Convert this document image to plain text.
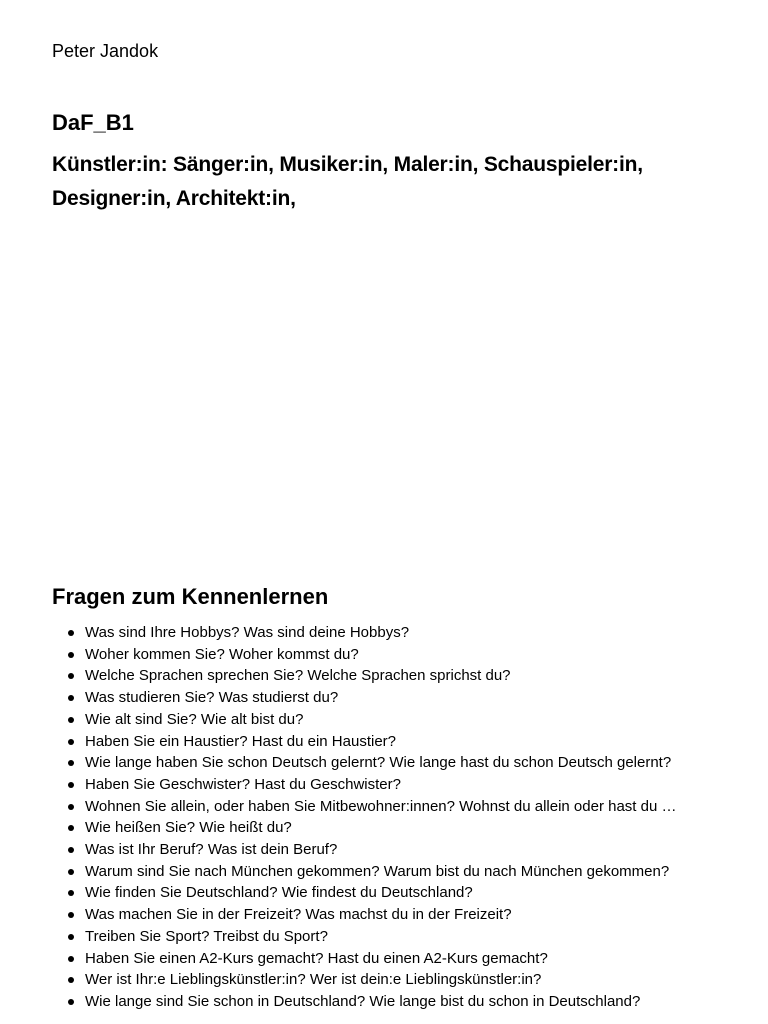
Peter Jandok
DaF_B1
Künstler:in: Sänger:in, Musiker:in, Maler:in, Schauspieler:in, Designer:in, Architekt:in,
Fragen zum Kennenlernen
Was sind Ihre Hobbys? Was sind deine Hobbys?
Woher kommen Sie? Woher kommst du?
Welche Sprachen sprechen Sie? Welche Sprachen sprichst du?
Was studieren Sie? Was studierst du?
Wie alt sind Sie? Wie alt bist du?
Haben Sie ein Haustier? Hast du ein Haustier?
Wie lange haben Sie schon Deutsch gelernt? Wie lange hast du schon Deutsch gelernt?
Haben Sie Geschwister? Hast du Geschwister?
Wohnen Sie allein, oder haben Sie Mitbewohner:innen? Wohnst du allein oder hast du …
Wie heißen Sie? Wie heißt du?
Was ist Ihr Beruf? Was ist dein Beruf?
Warum sind Sie nach München gekommen? Warum bist du nach München gekommen?
Wie finden Sie Deutschland? Wie findest du Deutschland?
Was machen Sie in der Freizeit? Was machst du in der Freizeit?
Treiben Sie Sport? Treibst du Sport?
Haben Sie einen A2-Kurs gemacht? Hast du einen A2-Kurs gemacht?
Wer ist Ihr:e Lieblingskünstler:in? Wer ist dein:e Lieblingskünstler:in?
Wie lange sind Sie schon in Deutschland? Wie lange bist du schon in Deutschland?
